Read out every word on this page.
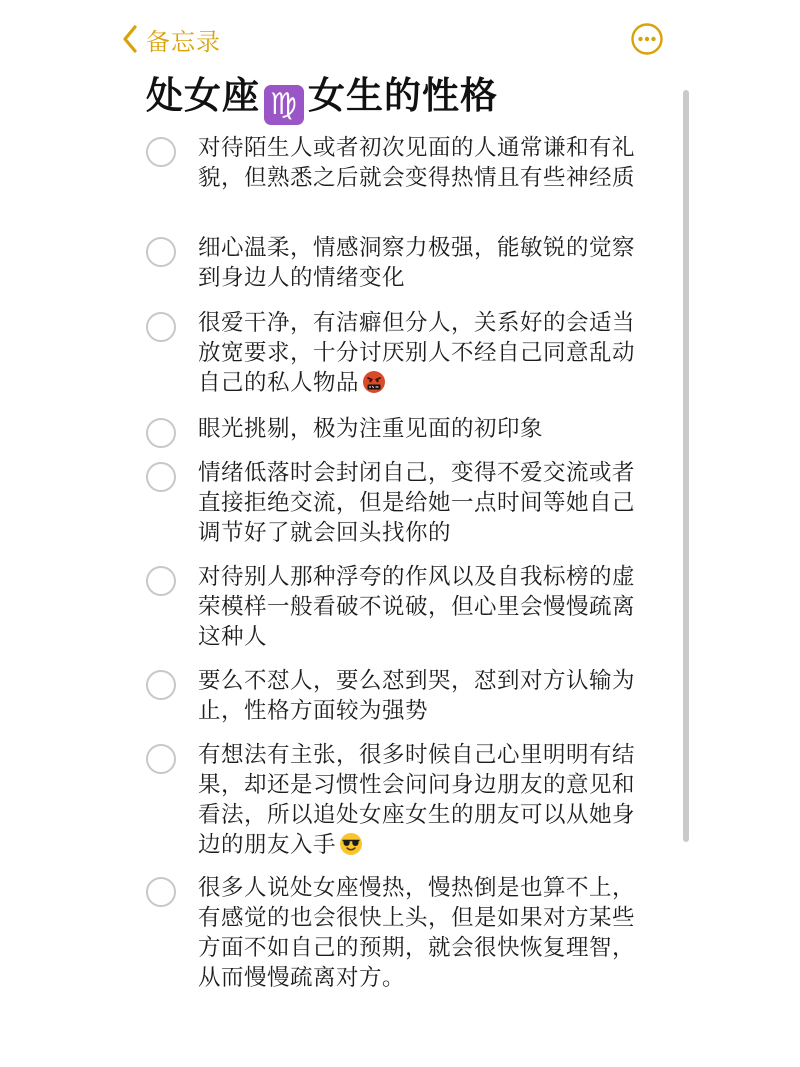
备忘录
处女座 ♍ 女生的性格

对待陌生人或者初次见面的人通常谦和有礼貌，但熟悉之后就会变得热情且有些神经质

细心温柔，情感洞察力极强，能敏锐的觉察到身边人的情绪变化

很爱干净，有洁癖但分人，关系好的会适当放宽要求，十分讨厌别人不经自己同意乱动自己的私人物品

眼光挑剔，极为注重见面的初印象

情绪低落时会封闭自己，变得不爱交流或者直接拒绝交流，但是给她一点时间等她自己调节好了就会回头找你的

对待别人那种浮夸的作风以及自我标榜的虚荣模样一般看破不说破，但心里会慢慢疏离这种人

要么不怼人，要么怼到哭，怼到对方认输为止，性格方面较为强势

有想法有主张，很多时候自己心里明明有结果，却还是习惯性会问问身边朋友的意见和看法，所以追处女座女生的朋友可以从她身边的朋友入手

很多人说处女座慢热，慢热倒是也算不上，有感觉的也会很快上头，但是如果对方某些方面不如自己的预期，就会很快恢复理智，从而慢慢疏离对方。
